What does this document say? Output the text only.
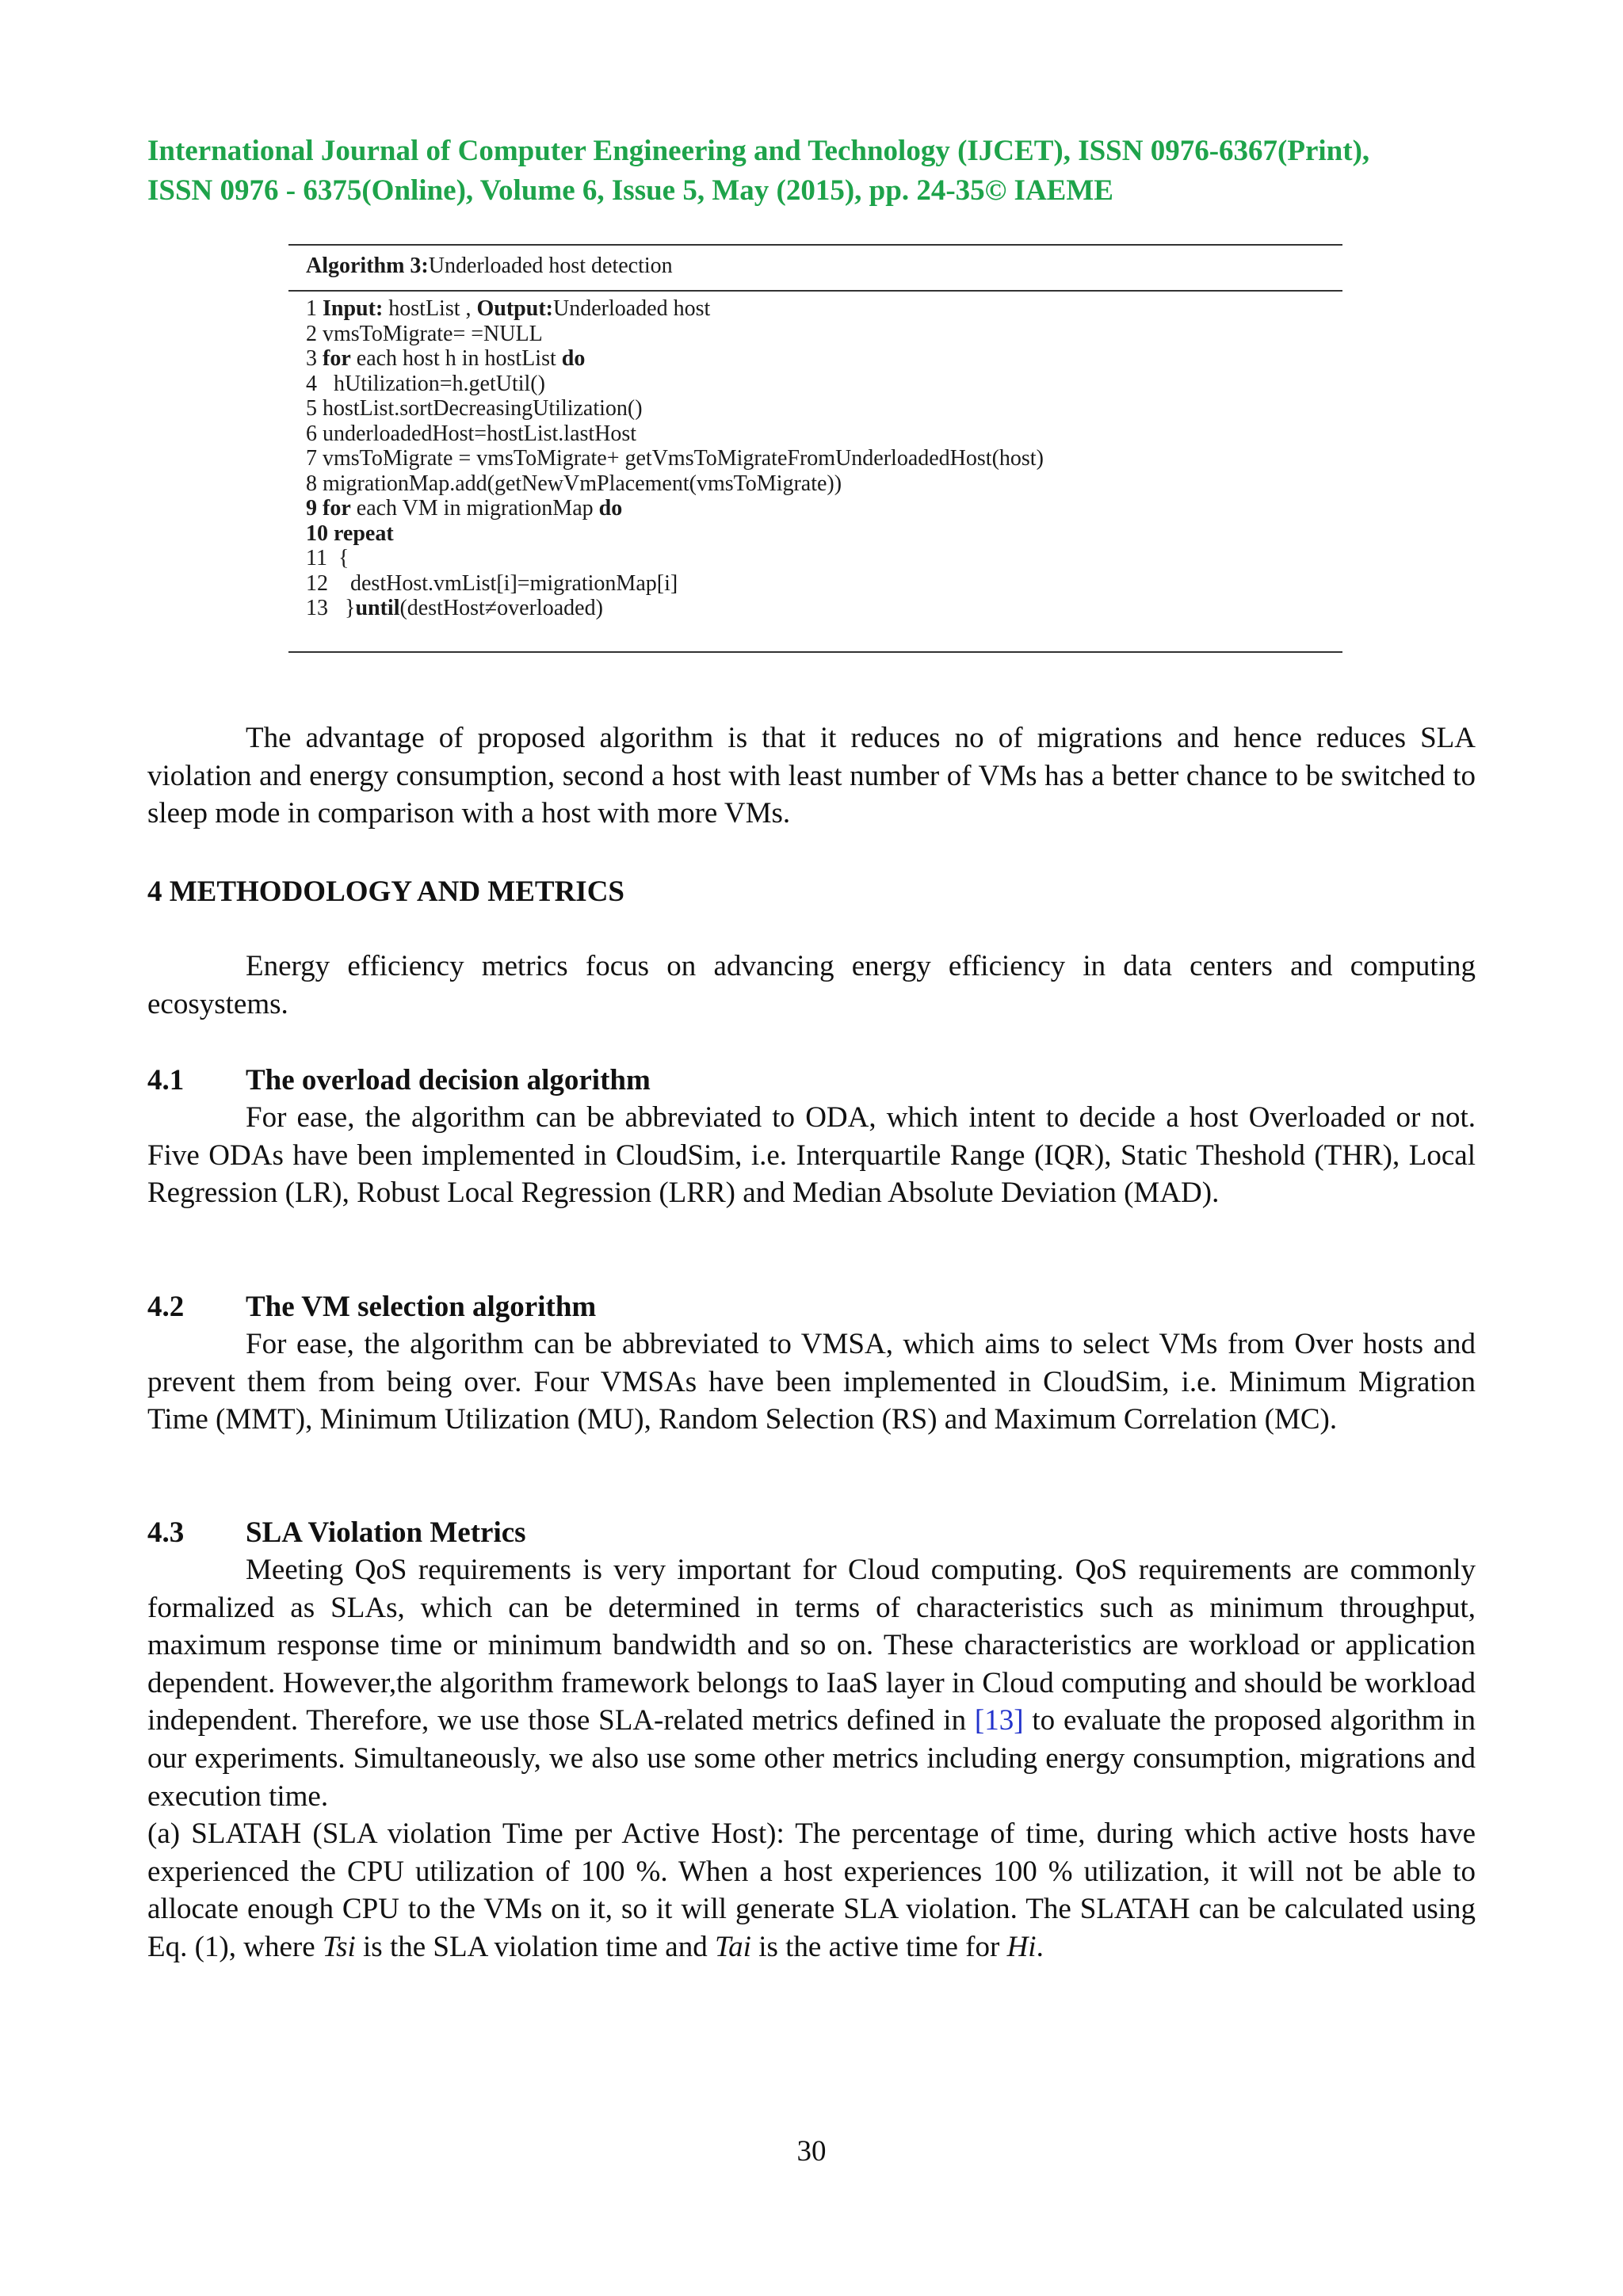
International Journal of Computer Engineering and Technology (IJCET), ISSN 0976-6367(Print),
ISSN 0976 - 6375(Online), Volume 6, Issue 5, May (2015), pp. 24-35© IAEME
Algorithm 3:Underloaded host detection
1 Input: hostList , Output:Underloaded host
2 vmsToMigrate= =NULL
3 for each host h in hostList do
4   hUtilization=h.getUtil()
5 hostList.sortDecreasingUtilization()
6 underloadedHost=hostList.lastHost
7 vmsToMigrate = vmsToMigrate+ getVmsToMigrateFromUnderloadedHost(host)
8 migrationMap.add(getNewVmPlacement(vmsToMigrate))
9 for each VM in migrationMap do
10 repeat
11  {
12    destHost.vmList[i]=migrationMap[i]
13   }until(destHost≠overloaded)

The advantage of proposed algorithm is that it reduces no of migrations and hence reduces SLA violation and energy consumption, second a host with least number of VMs has a better chance to be switched to sleep mode in comparison with a host with more VMs.

4 METHODOLOGY AND METRICS

Energy efficiency metrics focus on advancing energy efficiency in data centers and computing ecosystems.

4.1 The overload decision algorithm

For ease, the algorithm can be abbreviated to ODA, which intent to decide a host Overloaded or not. Five ODAs have been implemented in CloudSim, i.e. Interquartile Range (IQR), Static Theshold (THR), Local Regression (LR), Robust Local Regression (LRR) and Median Absolute Deviation (MAD).

4.2 The VM selection algorithm

For ease, the algorithm can be abbreviated to VMSA, which aims to select VMs from Over hosts and prevent them from being over. Four VMSAs have been implemented in CloudSim, i.e. Minimum Migration Time (MMT), Minimum Utilization (MU), Random Selection (RS) and Maximum Correlation (MC).

4.3 SLA Violation Metrics

Meeting QoS requirements is very important for Cloud computing. QoS requirements are commonly formalized as SLAs, which can be determined in terms of characteristics such as minimum throughput, maximum response time or minimum bandwidth and so on. These characteristics are workload or application dependent. However,the algorithm framework belongs to IaaS layer in Cloud computing and should be workload independent. Therefore, we use those SLA-related metrics defined in [13] to evaluate the proposed algorithm in our experiments. Simultaneously, we also use some other metrics including energy consumption, migrations and execution time.

(a) SLATAH (SLA violation Time per Active Host): The percentage of time, during which active hosts have experienced the CPU utilization of 100 %. When a host experiences 100 % utilization, it will not be able to allocate enough CPU to the VMs on it, so it will generate SLA violation. The SLATAH can be calculated using Eq. (1), where Tsi is the SLA violation time and Tai is the active time for Hi.

30
